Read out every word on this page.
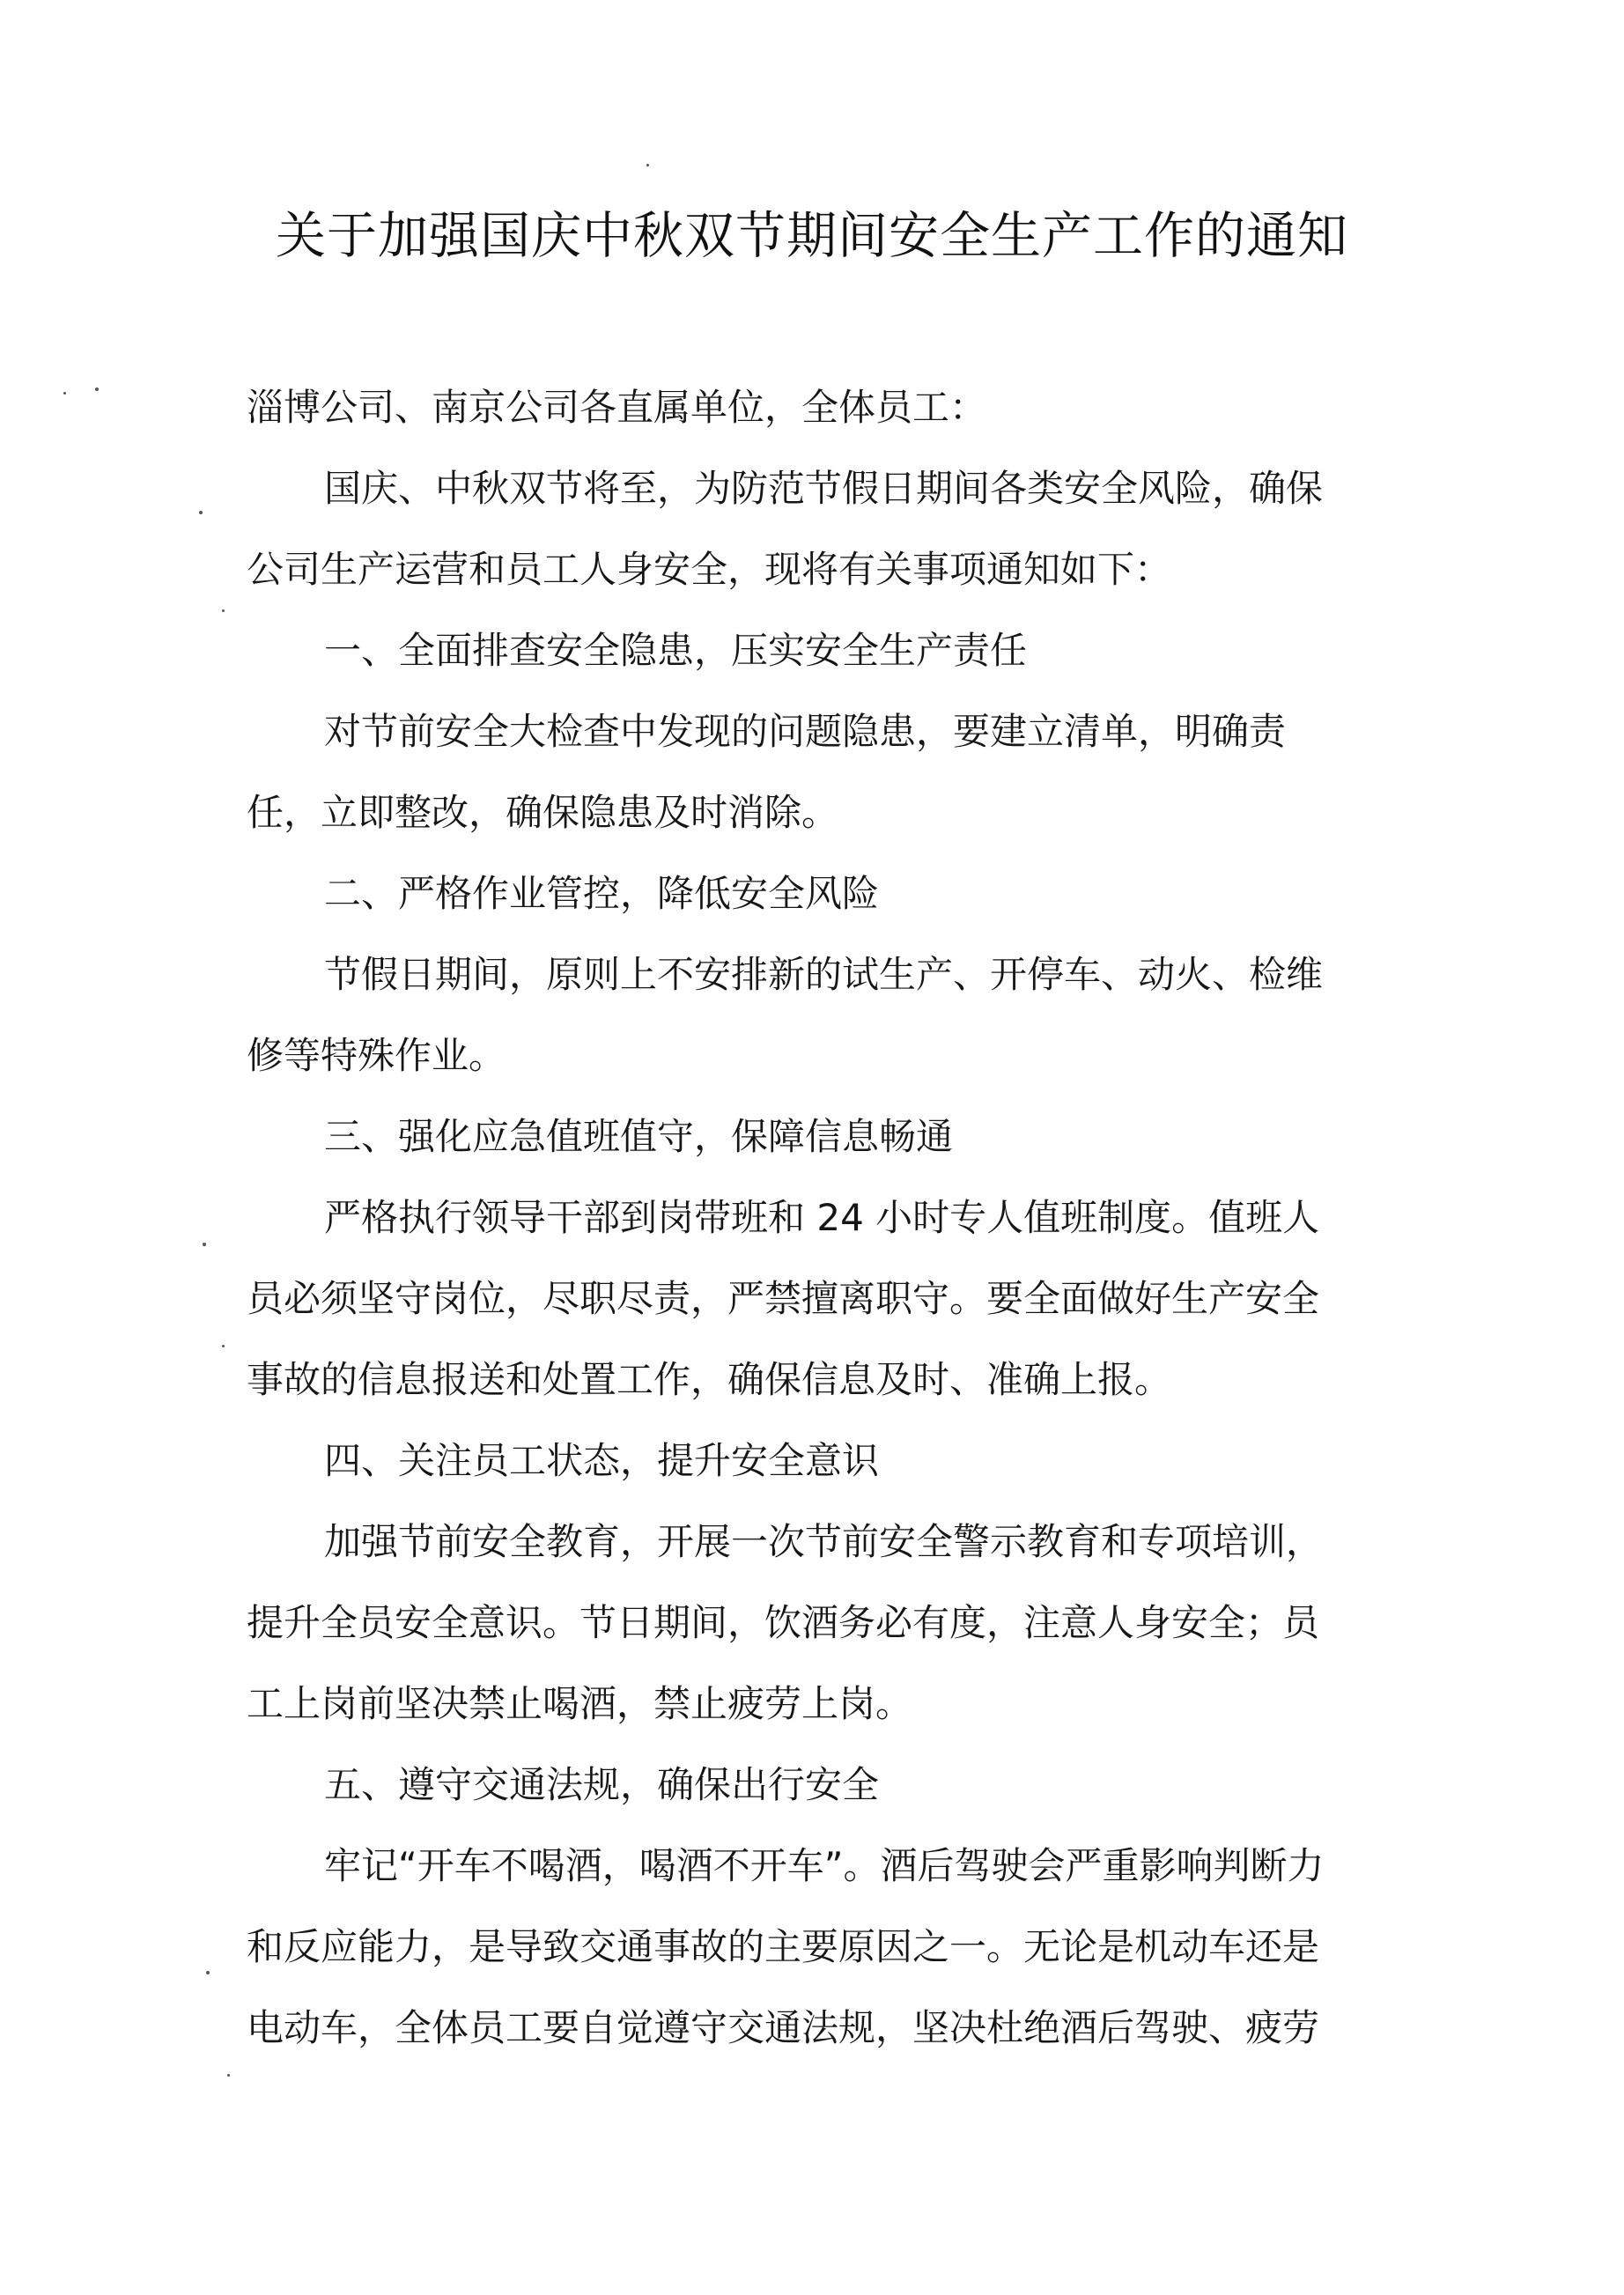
关于加强国庆中秋双节期间安全生产工作的通知
淄博公司、南京公司各直属单位，全体员工：
国庆、中秋双节将至，为防范节假日期间各类安全风险，确保
公司生产运营和员工人身安全，现将有关事项通知如下：
一、全面排查安全隐患，压实安全生产责任
对节前安全大检查中发现的问题隐患，要建立清单，明确责
任，立即整改，确保隐患及时消除。
二、严格作业管控，降低安全风险
节假日期间，原则上不安排新的试生产、开停车、动火、检维
修等特殊作业。
三、强化应急值班值守，保障信息畅通
严格执行领导干部到岗带班和 24 小时专人值班制度。值班人
员必须坚守岗位，尽职尽责，严禁擅离职守。要全面做好生产安全
事故的信息报送和处置工作，确保信息及时、准确上报。
四、关注员工状态，提升安全意识
加强节前安全教育，开展一次节前安全警示教育和专项培训，
提升全员安全意识。节日期间，饮酒务必有度，注意人身安全；员
工上岗前坚决禁止喝酒，禁止疲劳上岗。
五、遵守交通法规，确保出行安全
牢记“开车不喝酒，喝酒不开车”。酒后驾驶会严重影响判断力
和反应能力，是导致交通事故的主要原因之一。无论是机动车还是
电动车，全体员工要自觉遵守交通法规，坚决杜绝酒后驾驶、疲劳
